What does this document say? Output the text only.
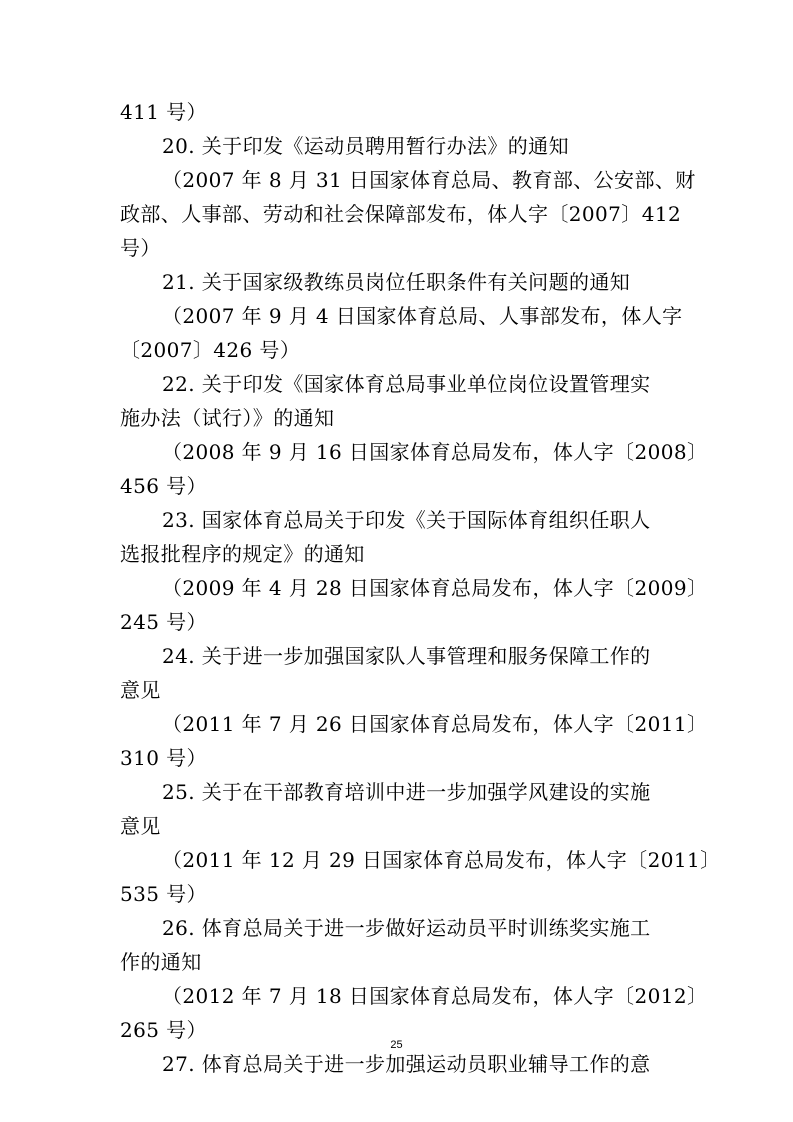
411 号）
20. 关于印发《运动员聘用暂行办法》的通知
（2007 年 8 月 31 日国家体育总局、教育部、公安部、财
政部、人事部、劳动和社会保障部发布，体人字〔2007〕412
号）
21. 关于国家级教练员岗位任职条件有关问题的通知
（2007 年 9 月 4 日国家体育总局、人事部发布，体人字
〔2007〕426 号）
22. 关于印发《国家体育总局事业单位岗位设置管理实
施办法（试行）》的通知
（2008 年 9 月 16 日国家体育总局发布，体人字〔2008〕
456 号）
23. 国家体育总局关于印发《关于国际体育组织任职人
选报批程序的规定》的通知
（2009 年 4 月 28 日国家体育总局发布，体人字〔2009〕
245 号）
24. 关于进一步加强国家队人事管理和服务保障工作的
意见
（2011 年 7 月 26 日国家体育总局发布，体人字〔2011〕
310 号）
25. 关于在干部教育培训中进一步加强学风建设的实施
意见
（2011 年 12 月 29 日国家体育总局发布，体人字〔2011〕
535 号）
26. 体育总局关于进一步做好运动员平时训练奖实施工
作的通知
（2012 年 7 月 18 日国家体育总局发布，体人字〔2012〕
265 号）
27. 体育总局关于进一步加强运动员职业辅导工作的意
25
